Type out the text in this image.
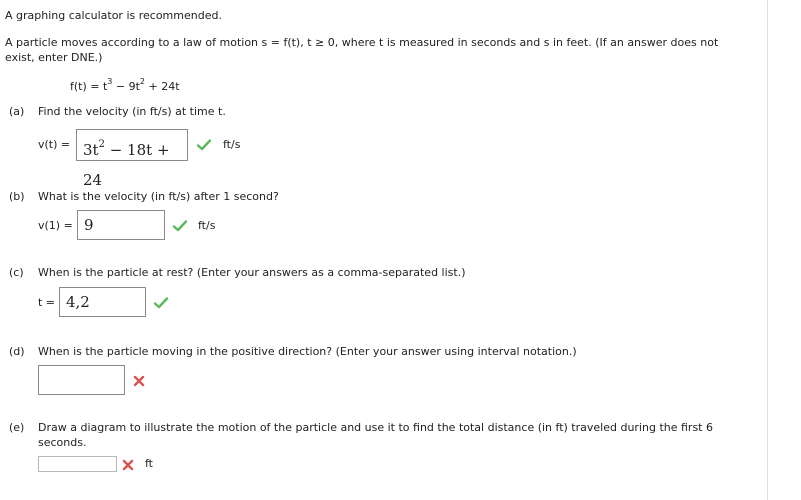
A graphing calculator is recommended.
A particle moves according to a law of motion s = f(t), t ≥ 0, where t is measured in seconds and s in feet. (If an answer does not
exist, enter DNE.)
$f(t) = t^3 - 9t^2 + 24t$
(a) Find the velocity (in ft/s) at time t.
$v(t) = 3t^2 - 18t + 24$
ft/s
(b) What is the velocity (in ft/s) after 1 second?
v(1) = 9	ft/s
(c) When is the particle at rest? (Enter your answers as a comma-separated list.)
t = 4,2
(d) When is the particle moving in the positive direction? (Enter your answer using interval notation.)
(e) Draw a diagram to illustrate the motion of the particle and use it to find the total distance (in ft) traveled during the first 6
seconds.
ft
